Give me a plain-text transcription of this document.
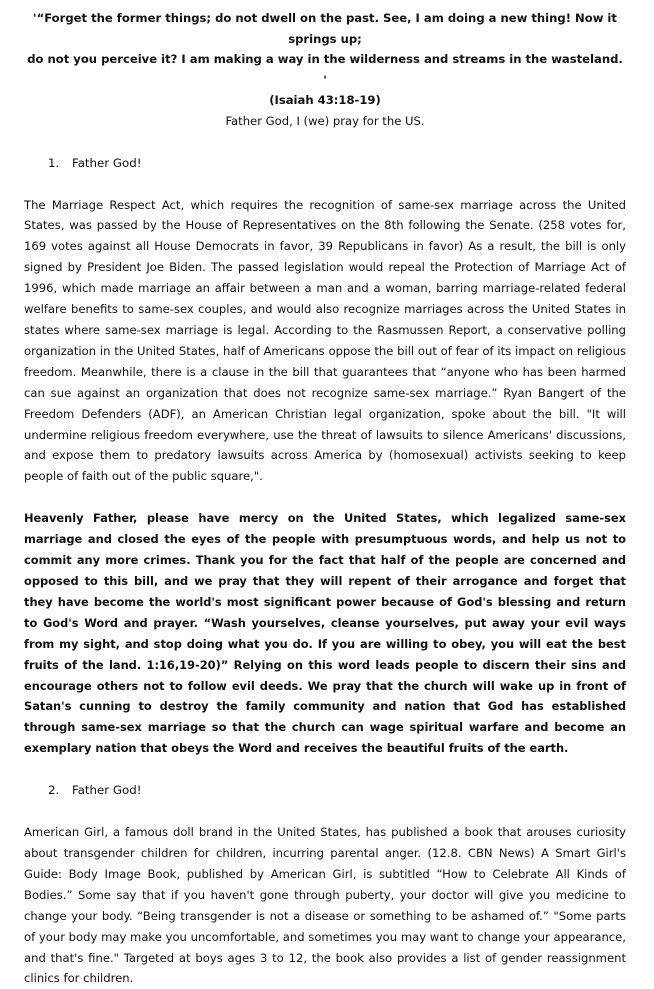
'“Forget the former things; do not dwell on the past. See, I am doing a new thing! Now it springs up;

do not you perceive it? I am making a way in the wilderness and streams in the wasteland. '

(Isaiah 43:18-19)

Father God, I (we) pray for the US.

1. Father God!

The Marriage Respect Act, which requires the recognition of same-sex marriage across the United States, was passed by the House of Representatives on the 8th following the Senate. (258 votes for, 169 votes against all House Democrats in favor, 39 Republicans in favor) As a result, the bill is only signed by President Joe Biden. The passed legislation would repeal the Protection of Marriage Act of 1996, which made marriage an affair between a man and a woman, barring marriage-related federal welfare benefits to same-sex couples, and would also recognize marriages across the United States in states where same-sex marriage is legal. According to the Rasmussen Report, a conservative polling organization in the United States, half of Americans oppose the bill out of fear of its impact on religious freedom. Meanwhile, there is a clause in the bill that guarantees that “anyone who has been harmed can sue against an organization that does not recognize same-sex marriage.” Ryan Bangert of the Freedom Defenders (ADF), an American Christian legal organization, spoke about the bill. "It will undermine religious freedom everywhere, use the threat of lawsuits to silence Americans' discussions, and expose them to predatory lawsuits across America by (homosexual) activists seeking to keep people of faith out of the public square,".

Heavenly Father, please have mercy on the United States, which legalized same-sex marriage and closed the eyes of the people with presumptuous words, and help us not to commit any more crimes. Thank you for the fact that half of the people are concerned and opposed to this bill, and we pray that they will repent of their arrogance and forget that they have become the world's most significant power because of God's blessing and return to God's Word and prayer. “Wash yourselves, cleanse yourselves, put away your evil ways from my sight, and stop doing what you do. If you are willing to obey, you will eat the best fruits of the land. 1:16,19-20)” Relying on this word leads people to discern their sins and encourage others not to follow evil deeds. We pray that the church will wake up in front of Satan's cunning to destroy the family community and nation that God has established through same-sex marriage so that the church can wage spiritual warfare and become an exemplary nation that obeys the Word and receives the beautiful fruits of the earth.

2. Father God!

American Girl, a famous doll brand in the United States, has published a book that arouses curiosity about transgender children for children, incurring parental anger. (12.8. CBN News) A Smart Girl's Guide: Body Image Book, published by American Girl, is subtitled “How to Celebrate All Kinds of Bodies.” Some say that if you haven't gone through puberty, your doctor will give you medicine to change your body. “Being transgender is not a disease or something to be ashamed of.” "Some parts of your body may make you uncomfortable, and sometimes you may want to change your appearance, and that's fine." Targeted at boys ages 3 to 12, the book also provides a list of gender reassignment clinics for children.
